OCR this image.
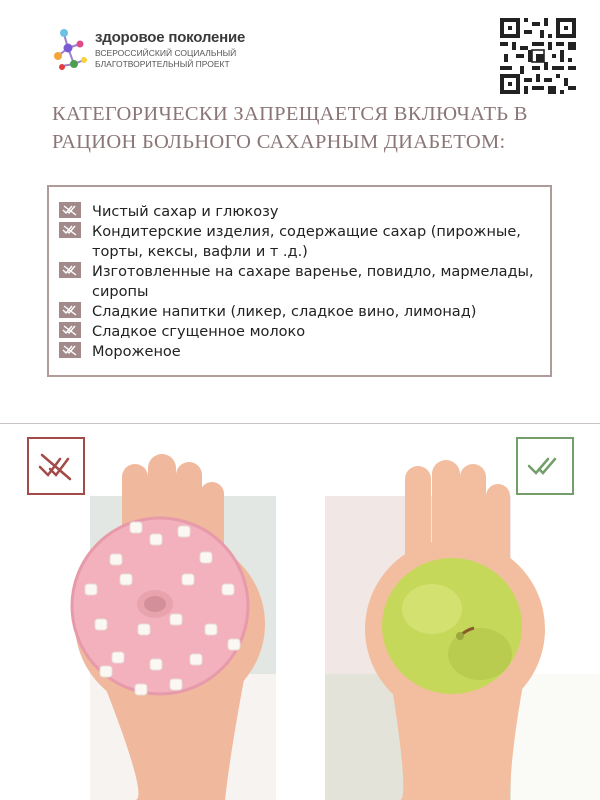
здоровое поколение
ВСЕРОССИЙСКИЙ СОЦИАЛЬНЫЙ
БЛАГОТВОРИТЕЛЬНЫЙ ПРОЕКТ
КАТЕГОРИЧЕСКИ ЗАПРЕЩАЕТСЯ ВКЛЮЧАТЬ В РАЦИОН БОЛЬНОГО САХАРНЫМ ДИАБЕТОМ:
Чистый сахар и глюкозу
Кондитерские изделия, содержащие сахар (пирожные, торты, кексы, вафли и т .д.)
Изготовленные на сахаре варенье, повидло, мармелады, сиропы
Сладкие напитки (ликер, сладкое вино, лимонад)
Сладкое сгущенное молоко
Мороженое
